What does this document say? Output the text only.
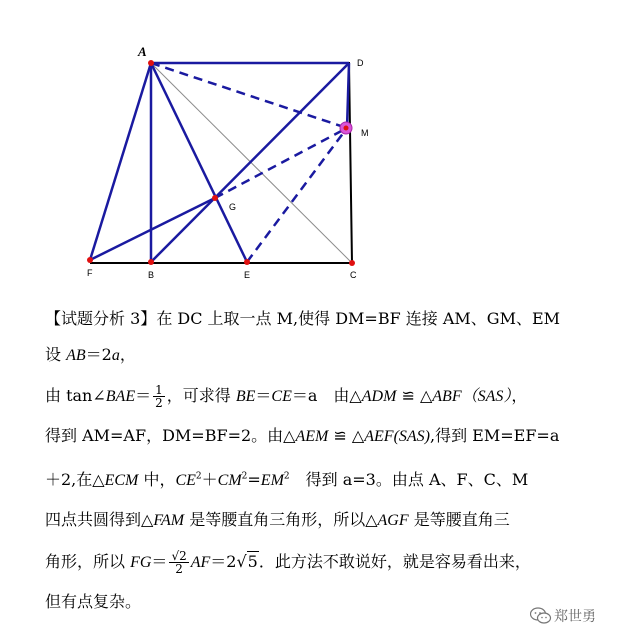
A
D
M
G
F	B	E	C
【试题分析 3】在 DC 上取一点 M,使得 DM=BF 连接 AM、GM、EM
设 AB＝2a，
由 tan∠BAE＝ $\frac{1}{2}$ ，可求得 BE＝CE＝a　由△ADM ≌ △ABF（SAS），
得到 AM=AF，DM=BF=2。由△AEM ≌ △AEF(SAS),得到 EM=EF=a
＋2,在△ECM 中，$CE^2+CM^2=EM^2$　得到 a=3。由点 A、F、C、M
四点共圆得到△FAM 是等腰直角三角形，所以△AGF 是等腰直角三
角形，所以 $FG= \frac{√2}{2} AF=2√5$．此方法不敢说好，就是容易看出来，
但有点复杂。
郑世勇
